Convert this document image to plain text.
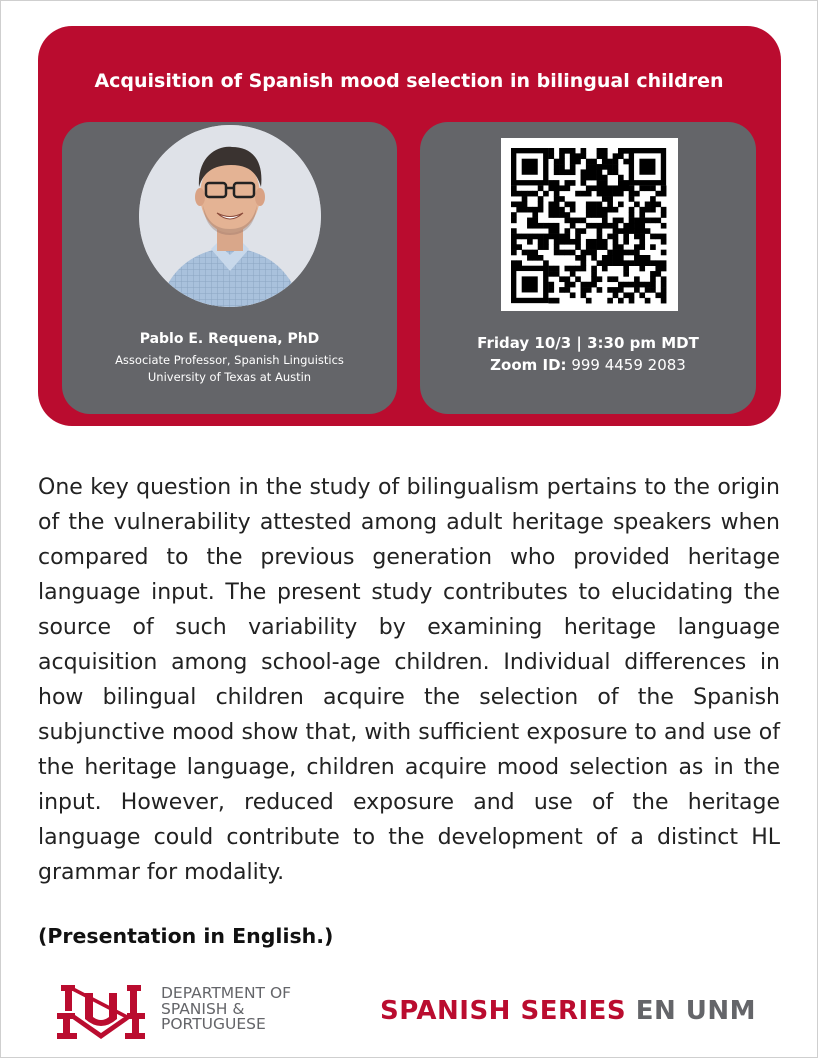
Acquisition of Spanish mood selection in bilingual children
Pablo E. Requena, PhD
Associate Professor, Spanish Linguistics
University of Texas at Austin
Friday 10/3 | 3:30 pm MDT
Zoom ID: 999 4459 2083

One key question in the study of bilingualism pertains to the origin of the vulnerability attested among adult heritage speakers when compared to the previous generation who provided heritage language input. The present study contributes to elucidating the source of such variability by examining heritage language acquisition among school-age children. Individual differences in how bilingual children acquire the selection of the Spanish subjunctive mood show that, with sufficient exposure to and use of the heritage language, children acquire mood selection as in the input. However, reduced exposure and use of the heritage language could contribute to the development of a distinct HL grammar for modality.

(Presentation in English.)
DEPARTMENT OF
SPANISH &
PORTUGUESE	SPANISH SERIES EN UNM
